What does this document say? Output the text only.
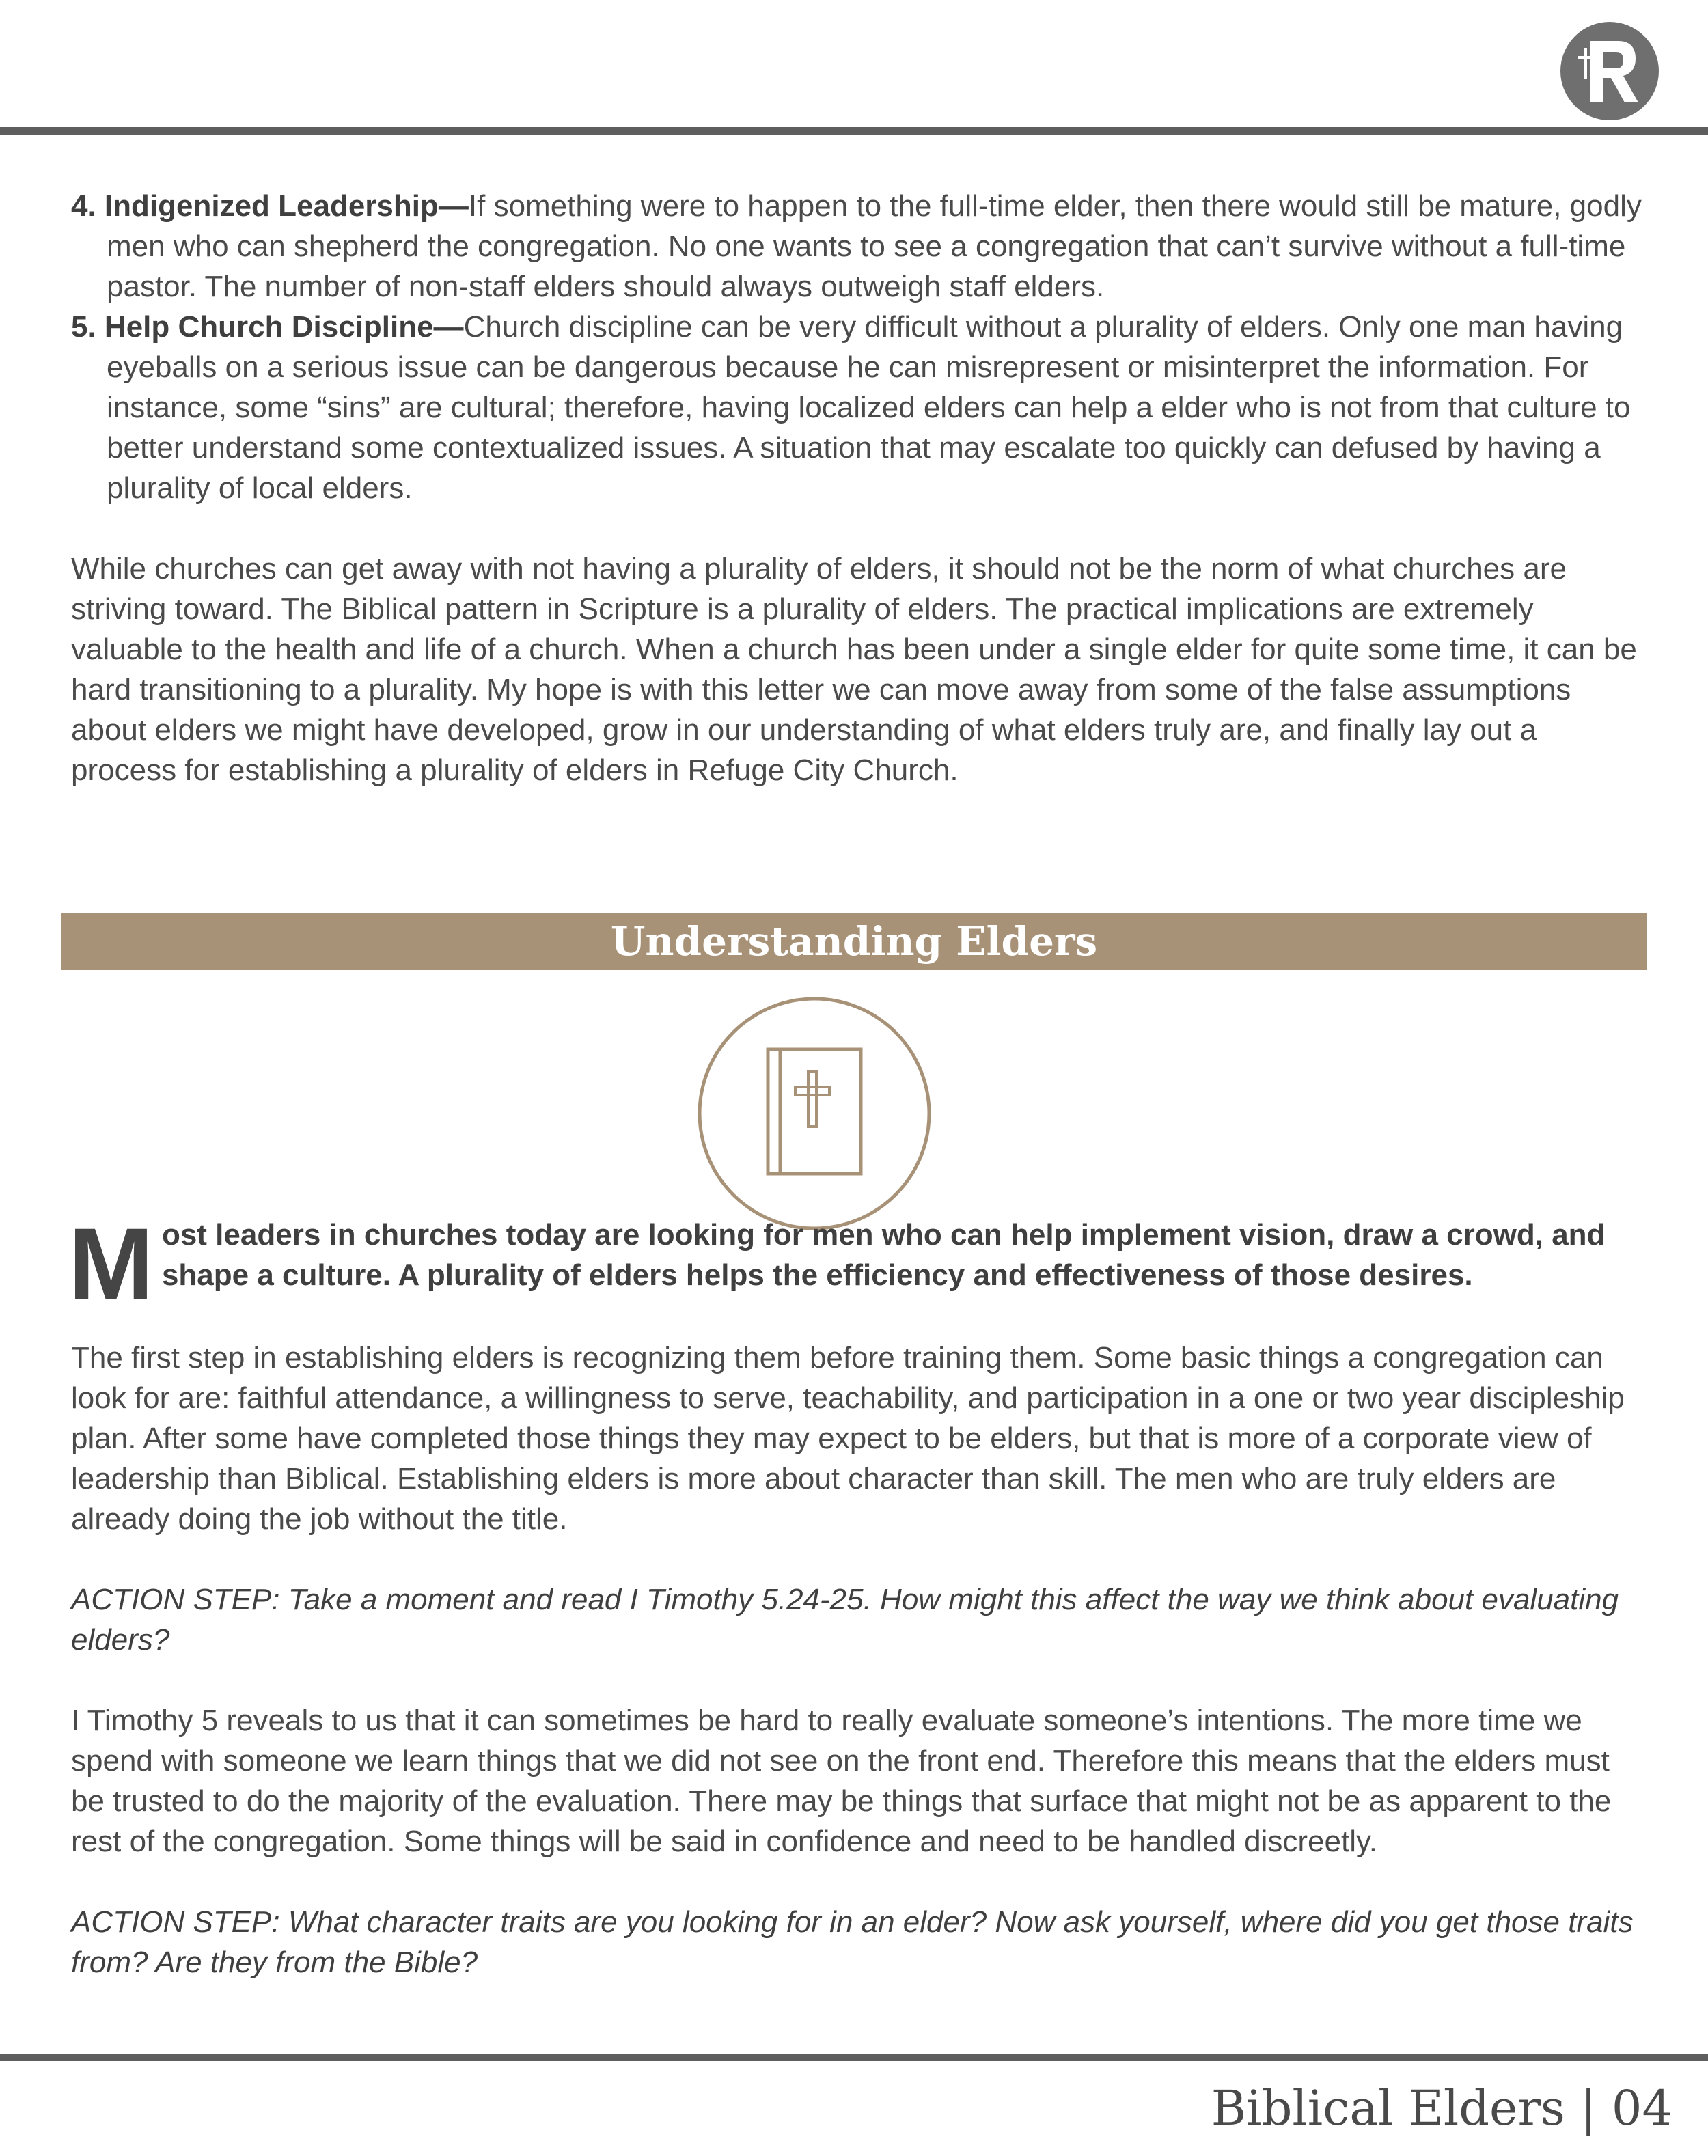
4. Indigenized Leadership—If something were to happen to the full-time elder, then there would still be mature, godly men who can shepherd the congregation. No one wants to see a congregation that can’t survive without a full-time pastor. The number of non-staff elders should always outweigh staff elders.
5. Help Church Discipline—Church discipline can be very difficult without a plurality of elders. Only one man having eyeballs on a serious issue can be dangerous because he can misrepresent or misinterpret the information. For instance, some “sins” are cultural; therefore, having localized elders can help a elder who is not from that culture to better understand some contextualized issues. A situation that may escalate too quickly can defused by having a plurality of local elders.

While churches can get away with not having a plurality of elders, it should not be the norm of what churches are striving toward. The Biblical pattern in Scripture is a plurality of elders. The practical implications are extremely valuable to the health and life of a church. When a church has been under a single elder for quite some time, it can be hard transitioning to a plurality. My hope is with this letter we can move away from some of the false assumptions about elders we might have developed, grow in our understanding of what elders truly are, and finally lay out a process for establishing a plurality of elders in Refuge City Church.

Understanding Elders
M ost leaders in churches today are looking for men who can help implement vision, draw a crowd, and shape a culture. A plurality of elders helps the efficiency and effectiveness of those desires.

The first step in establishing elders is recognizing them before training them. Some basic things a congregation can look for are: faithful attendance, a willingness to serve, teachability, and participation in a one or two year discipleship plan. After some have completed those things they may expect to be elders, but that is more of a corporate view of leadership than Biblical. Establishing elders is more about character than skill. The men who are truly elders are already doing the job without the title.

ACTION STEP: Take a moment and read I Timothy 5.24-25. How might this affect the way we think about evaluating elders?

I Timothy 5 reveals to us that it can sometimes be hard to really evaluate someone’s intentions. The more time we spend with someone we learn things that we did not see on the front end. Therefore this means that the elders must be trusted to do the majority of the evaluation. There may be things that surface that might not be as apparent to the rest of the congregation. Some things will be said in confidence and need to be handled discreetly.

ACTION STEP: What character traits are you looking for in an elder? Now ask yourself, where did you get those traits from? Are they from the Bible?

Biblical Elders | 04
